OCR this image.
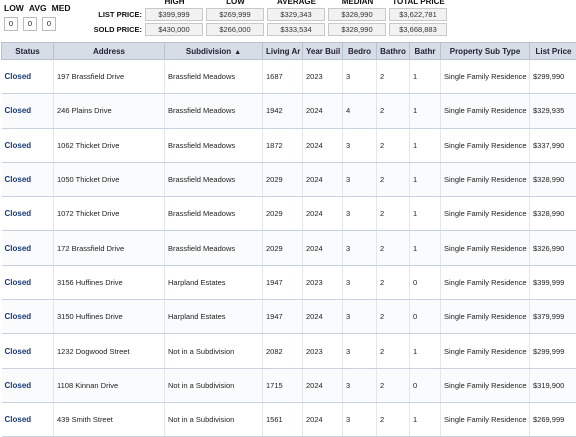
LOW AVG MED
0	0	0
HIGH	LOW	AVERAGE	MEDIAN	TOTAL PRICE
LIST PRICE:	$399,999	$269,999	$329,343	$328,990	$3,622,781
SOLD PRICE:	$430,000	$266,000	$333,534	$328,990	$3,668,883
Status	Address	Subdivision ▲	Living Ar	Year Buil	Bedro	Bathro	Bathr	Property Sub Type	List Price
Closed	197 Brassfield Drive	Brassfield Meadows	1687	2023	3	2	1	Single Family Residence	$299,990
Closed	246 Plains Drive	Brassfield Meadows	1942	2024	4	2	1	Single Family Residence	$329,935
Closed	1062 Thicket Drive	Brassfield Meadows	1872	2024	3	2	1	Single Family Residence	$337,990
Closed	1050 Thicket Drive	Brassfield Meadows	2029	2024	3	2	1	Single Family Residence	$328,990
Closed	1072 Thicket Drive	Brassfield Meadows	2029	2024	3	2	1	Single Family Residence	$328,990
Closed	172 Brassfield Drive	Brassfield Meadows	2029	2024	3	2	1	Single Family Residence	$326,990
Closed	3156 Huffines Drive	Harpland Estates	1947	2023	3	2	0	Single Family Residence	$399,999
Closed	3150 Huffines Drive	Harpland Estates	1947	2024	3	2	0	Single Family Residence	$379,999
Closed	1232 Dogwood Street	Not in a Subdivision	2082	2023	3	2	1	Single Family Residence	$299,999
Closed	1108 Kinnan Drive	Not in a Subdivision	1715	2024	3	2	0	Single Family Residence	$319,900
Closed	439 Smith Street	Not in a Subdivision	1561	2024	3	2	1	Single Family Residence	$269,999
